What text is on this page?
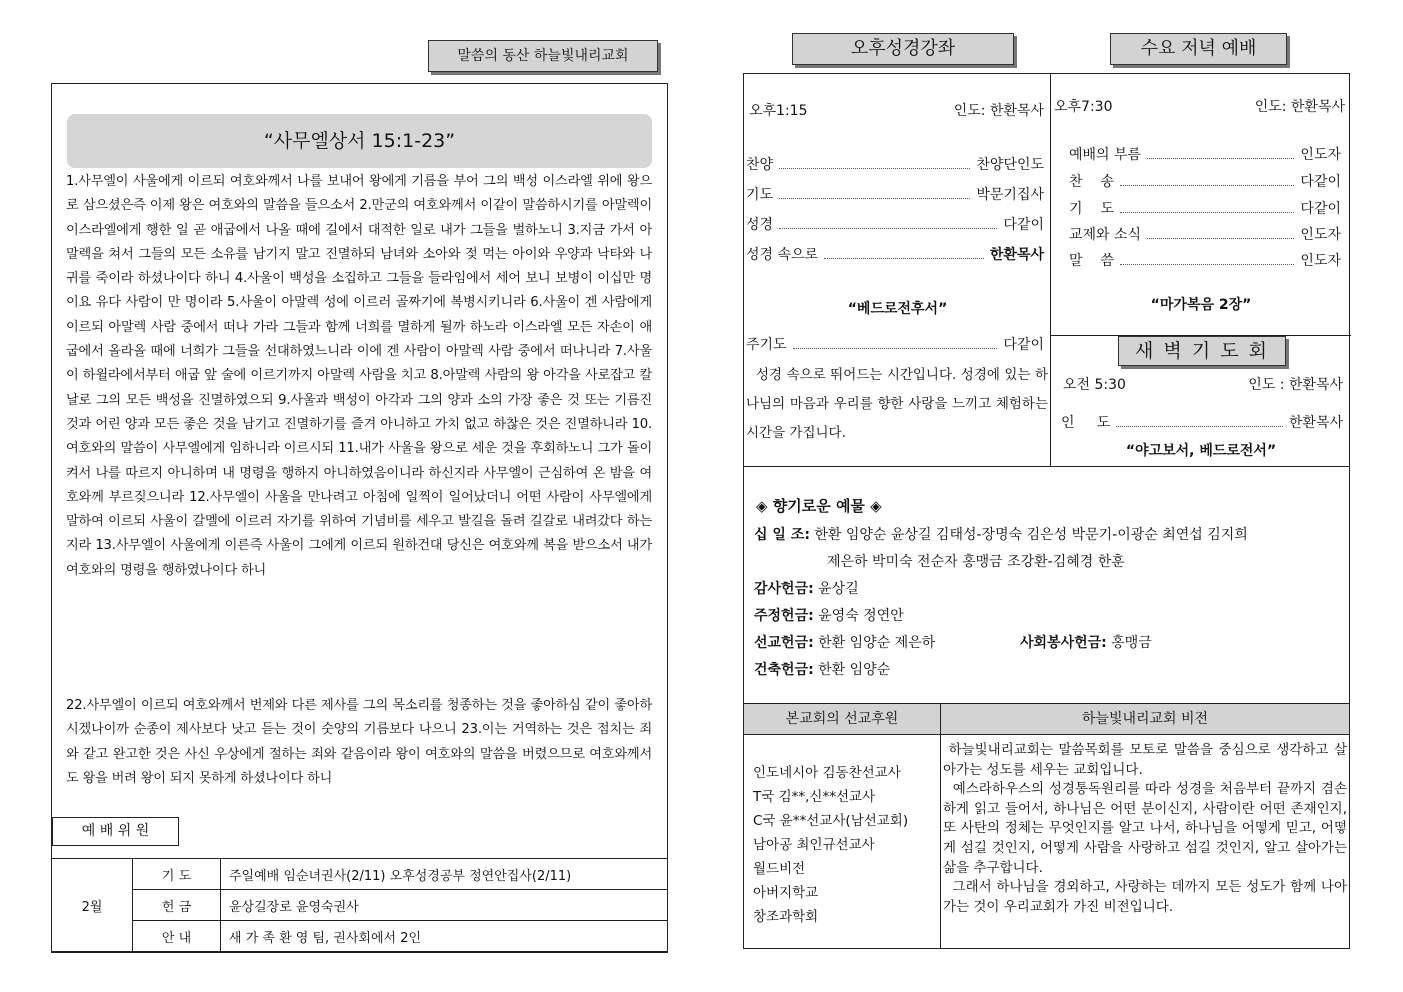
말씀의 동산 하늘빛내리교회
“사무엘상서 15:1-23”
1.사무엘이 사울에게 이르되 여호와께서 나를 보내어 왕에게 기름을 부어 그의 백성 이스라엘 위에 왕으로 삼으셨은즉 이제 왕은 여호와의 말씀을 들으소서 2.만군의 여호와께서 이같이 말씀하시기를 아말렉이 이스라엘에게 행한 일 곧 애굽에서 나올 때에 길에서 대적한 일로 내가 그들을 벌하노니 3.지금 가서 아말렉을 쳐서 그들의 모든 소유를 남기지 말고 진멸하되 남녀와 소아와 젖 먹는 아이와 우양과 낙타와 나귀를 죽이라 하셨나이다 하니 4.사울이 백성을 소집하고 그들을 들라임에서 세어 보니 보병이 이십만 명이요 유다 사람이 만 명이라 5.사울이 아말렉 성에 이르러 골짜기에 복병시키니라 6.사울이 겐 사람에게 이르되 아말렉 사람 중에서 떠나 가라 그들과 함께 너희를 멸하게 될까 하노라 이스라엘 모든 자손이 애굽에서 올라올 때에 너희가 그들을 선대하였느니라 이에 겐 사람이 아말렉 사람 중에서 떠나니라 7.사울이 하윌라에서부터 애굽 앞 술에 이르기까지 아말렉 사람을 치고 8.아말렉 사람의 왕 아각을 사로잡고 칼날로 그의 모든 백성을 진멸하였으되 9.사울과 백성이 아각과 그의 양과 소의 가장 좋은 것 또는 기름진 것과 어린 양과 모든 좋은 것을 남기고 진멸하기를 즐겨 아니하고 가치 없고 하찮은 것은 진멸하니라 10.여호와의 말씀이 사무엘에게 임하니라 이르시되 11.내가 사울을 왕으로 세운 것을 후회하노니 그가 돌이켜서 나를 따르지 아니하며 내 명령을 행하지 아니하였음이니라 하신지라 사무엘이 근심하여 온 밤을 여호와께 부르짖으니라 12.사무엘이 사울을 만나려고 아침에 일찍이 일어났더니 어떤 사람이 사무엘에게 말하여 이르되 사울이 갈멜에 이르러 자기를 위하여 기념비를 세우고 발길을 돌려 길갈로 내려갔다 하는지라 13.사무엘이 사울에게 이른즉 사울이 그에게 이르되 원하건대 당신은 여호와께 복을 받으소서 내가 여호와의 명령을 행하였나이다 하니
22.사무엘이 이르되 여호와께서 번제와 다른 제사를 그의 목소리를 청종하는 것을 좋아하심 같이 좋아하시겠나이까 순종이 제사보다 낫고 듣는 것이 숫양의 기름보다 나으니 23.이는 거역하는 것은 점치는 죄와 같고 완고한 것은 사신 우상에게 절하는 죄와 같음이라 왕이 여호와의 말씀을 버렸으므로 여호와께서도 왕을 버려 왕이 되지 못하게 하셨나이다 하니
예 배 위 원
2월	기 도	주일예배 임순녀권사(2/11) 오후성경공부 정연안집사(2/11)
	헌 금	윤상길장로 윤영숙권사
	안 내	새 가 족 환 영 팀, 권사회에서 2인
오후성경강좌	수요 저녁 예배
오후1:15	인도: 한환목사
찬양	찬양단인도
기도	박문기집사
성경	다같이
성경 속으로	한환목사
“베드로전후서”
주기도	다같이
성경 속으로 뛰어드는 시간입니다. 성경에 있는 하나님의 마음과 우리를 향한 사랑을 느끼고 체험하는 시간을 가집니다.
오후7:30	인도: 한환목사
예배의 부름	인도자
찬    송	다같이
기    도	다같이
교제와 소식	인도자
말    씀	인도자
“마가복음 2장”
새 벽 기 도 회
오전 5:30	인도 : 한환목사
인     도	한환목사
“야고보서, 베드로전서”
◈ 향기로운 예물 ◈
십 일 조: 한환 임양순 윤상길 김태성-장명숙 김은성 박문기-이광순 최연섭 김지희
제은하 박미숙 전순자 홍맹금 조강환-김혜경 한훈
감사헌금: 윤상길
주정헌금: 윤영숙 정연안
선교헌금: 한환 임양순 제은하	사회봉사헌금: 홍맹금
건축헌금: 한환 임양순
본교회의 선교후원	하늘빛내리교회 비전
인도네시아 김동찬선교사
T국 김**,신**선교사
C국 윤**선교사(남선교회)
남아공 최인규선교사
월드비전
아버지학교
창조과학회
하늘빛내리교회는 말씀목회를 모토로 말씀을 중심으로 생각하고 살아가는 성도를 세우는 교회입니다.
예스라하우스의 성경통독원리를 따라 성경을 처음부터 끝까지 겸손하게 읽고 들어서, 하나님은 어떤 분이신지, 사람이란 어떤 존재인지, 또 사탄의 정체는 무엇인지를 알고 나서, 하나님을 어떻게 믿고, 어떻게 섬길 것인지, 어떻게 사람을 사랑하고 섬길 것인지, 알고 살아가는 삶을 추구합니다.
그래서 하나님을 경외하고, 사랑하는 데까지 모든 성도가 함께 나아가는 것이 우리교회가 가진 비전입니다.
